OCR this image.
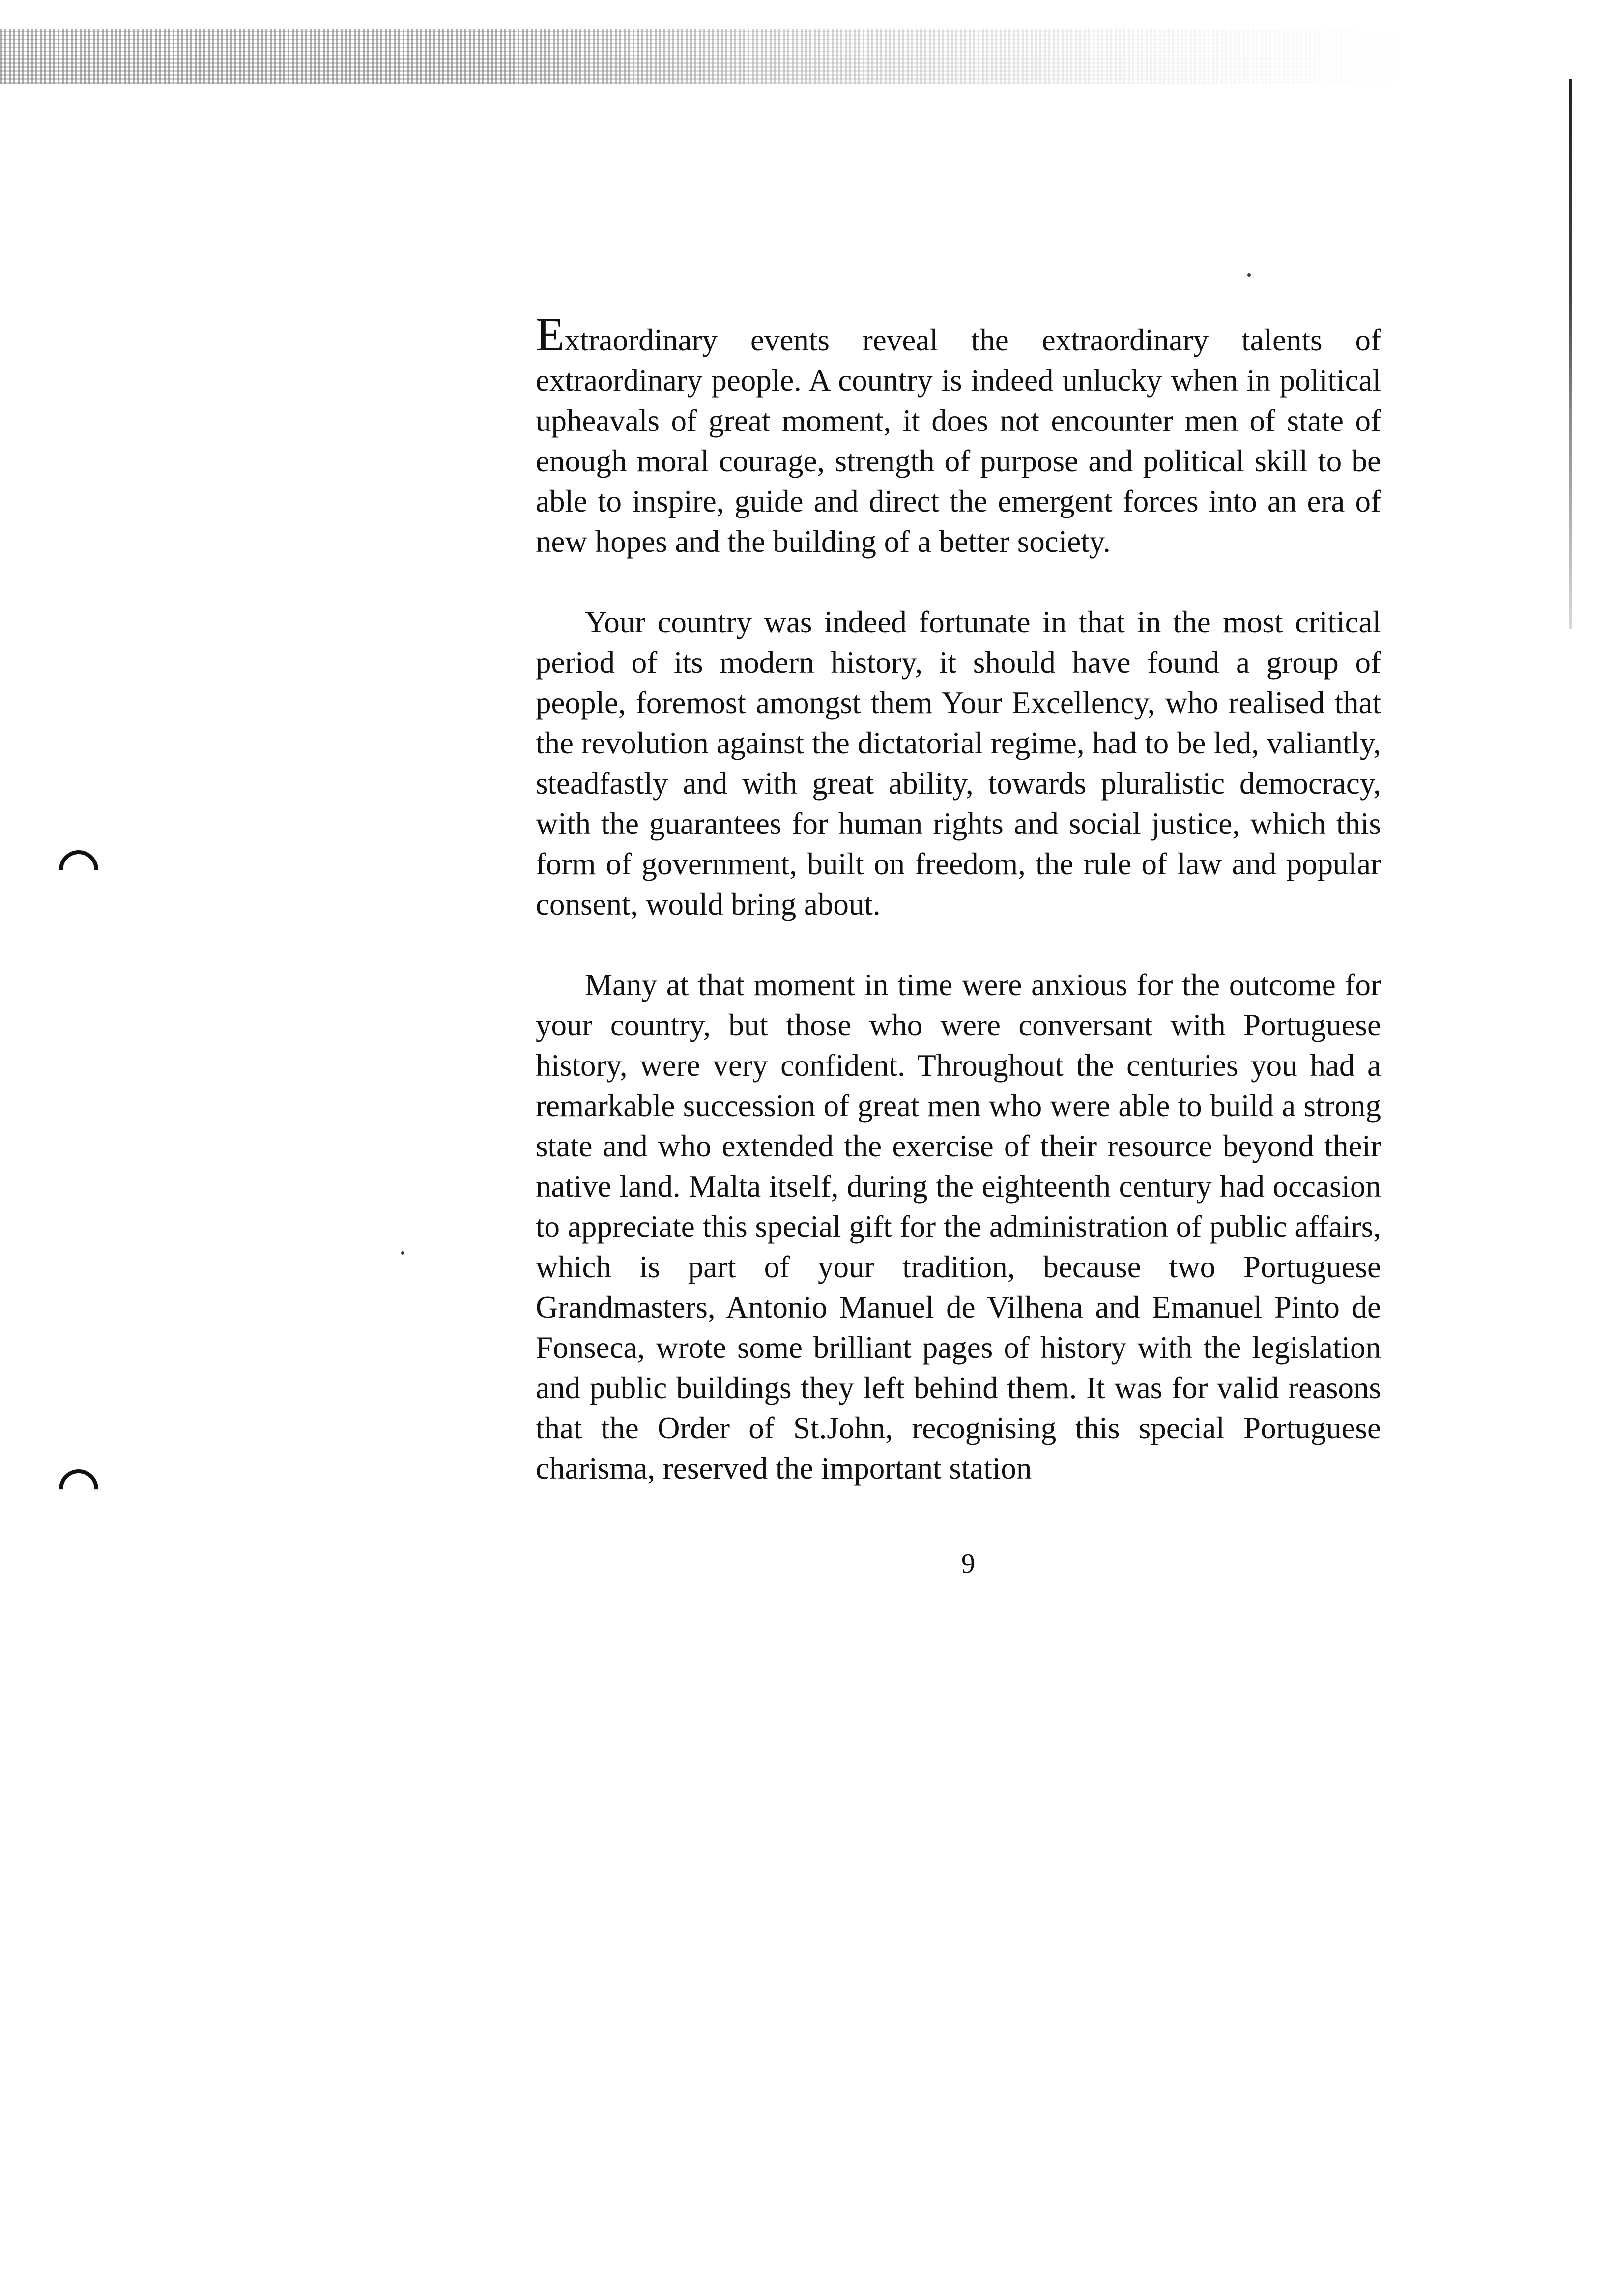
Extraordinary events reveal the extraordinary talents of extraordinary people. A country is indeed unlucky when in political upheavals of great moment, it does not encounter men of state of enough moral courage, strength of purpose and political skill to be able to inspire, guide and direct the emergent forces into an era of new hopes and the building of a better society.

Your country was indeed fortunate in that in the most critical period of its modern history, it should have found a group of people, foremost amongst them Your Excellency, who realised that the revolution against the dictatorial regime, had to be led, valiantly, steadfastly and with great ability, towards pluralistic democracy, with the guarantees for human rights and social justice, which this form of government, built on freedom, the rule of law and popular consent, would bring about.

Many at that moment in time were anxious for the outcome for your country, but those who were conversant with Portuguese history, were very confident. Throughout the centuries you had a remarkable succession of great men who were able to build a strong state and who extended the exercise of their resource beyond their native land. Malta itself, during the eighteenth century had occasion to appreciate this special gift for the administration of public affairs, which is part of your tradition, because two Portuguese Grandmasters, Antonio Manuel de Vilhena and Emanuel Pinto de Fonseca, wrote some brilliant pages of history with the legislation and public buildings they left behind them. It was for valid reasons that the Order of St.John, recognising this special Portuguese charisma, reserved the important station

9
